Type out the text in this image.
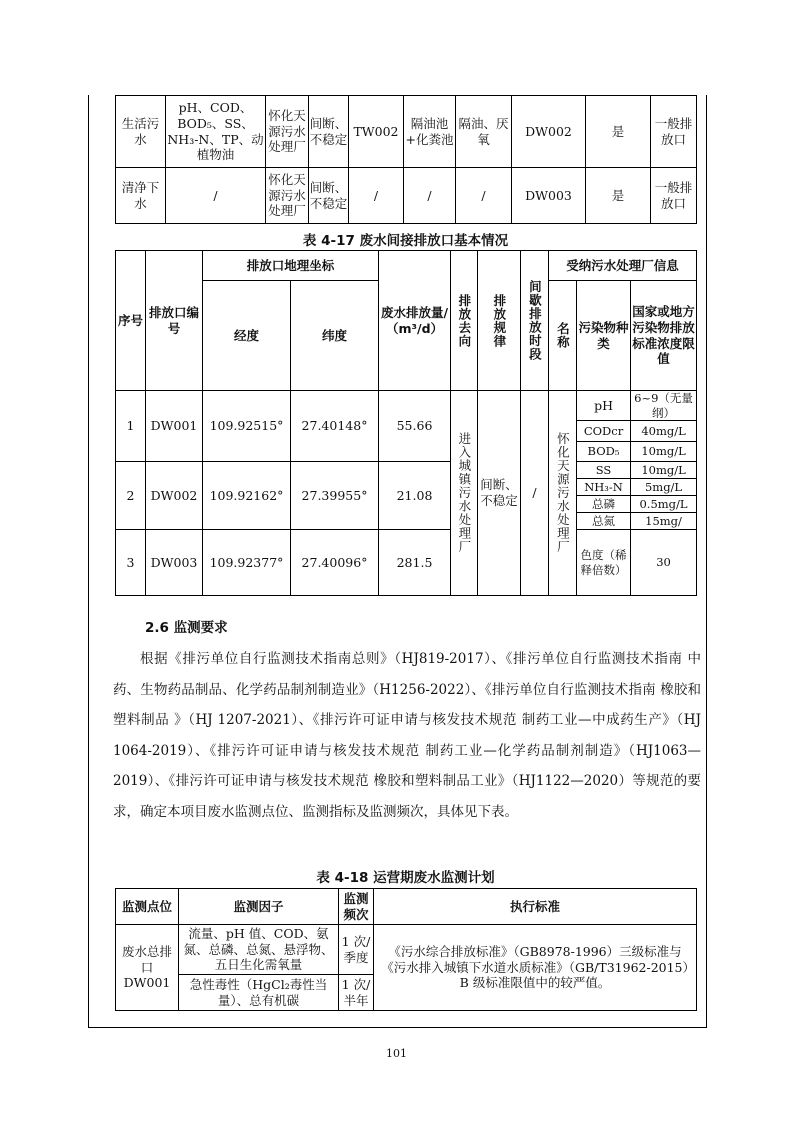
生活污水	pH、COD、BOD₅、SS、NH₃-N、TP、动植物油	怀化天源污水处理厂	间断、不稳定	TW002	隔油池+化粪池	隔油、厌氧	DW002	是	一般排放口
清净下水	/	怀化天源污水处理厂	间断、不稳定	/	/	/	DW003	是	一般排放口
表 4-17 废水间接排放口基本情况
序号	排放口编号	排放口地理坐标		废水排放量/（m³/d）	排放去向	排放规律	间歇排放时段	受纳污水处理厂信息		
		经度	纬度					名称	污染物种类	国家或地方污染物排放标准浓度限值
1	DW001	109.92515°	27.40148°	55.66	进入城镇污水处理厂	间断、不稳定	/	怀化天源污水处理厂	pH	6~9（无量纲）
									CODcr	40mg/L
									BOD₅	10mg/L
2	DW002	109.92162°	27.39955°	21.08					SS	10mg/L
									NH₃-N	5mg/L
									总磷	0.5mg/L
									总氮	15mg/
3	DW003	109.92377°	27.40096°	281.5					色度（稀释倍数）	30
2.6 监测要求
根据《排污单位自行监测技术指南总则》（HJ819-2017）、《排污单位自行监测技术指南 中药、生物药品制品、化学药品制剂制造业》（H1256-2022）、《排污单位自行监测技术指南 橡胶和塑料制品 》（HJ 1207-2021）、《排污许可证申请与核发技术规范 制药工业—中成药生产》（HJ 1064-2019）、《排污许可证申请与核发技术规范 制药工业—化学药品制剂制造》（HJ1063—2019）、《排污许可证申请与核发技术规范 橡胶和塑料制品工业》（HJ1122—2020）等规范的要求，确定本项目废水监测点位、监测指标及监测频次，具体见下表。
表 4-18 运营期废水监测计划
监测点位	监测因子	监测频次	执行标准
废水总排口 DW001	流量、pH 值、COD、氨氮、总磷、总氮、悬浮物、五日生化需氧量	1 次/季度	《污水综合排放标准》（GB8978-1996）三级标准与《污水排入城镇下水道水质标准》（GB/T31962-2015）B 级标准限值中的较严值。
	急性毒性（HgCl₂毒性当量）、总有机碳	1 次/半年	
101
